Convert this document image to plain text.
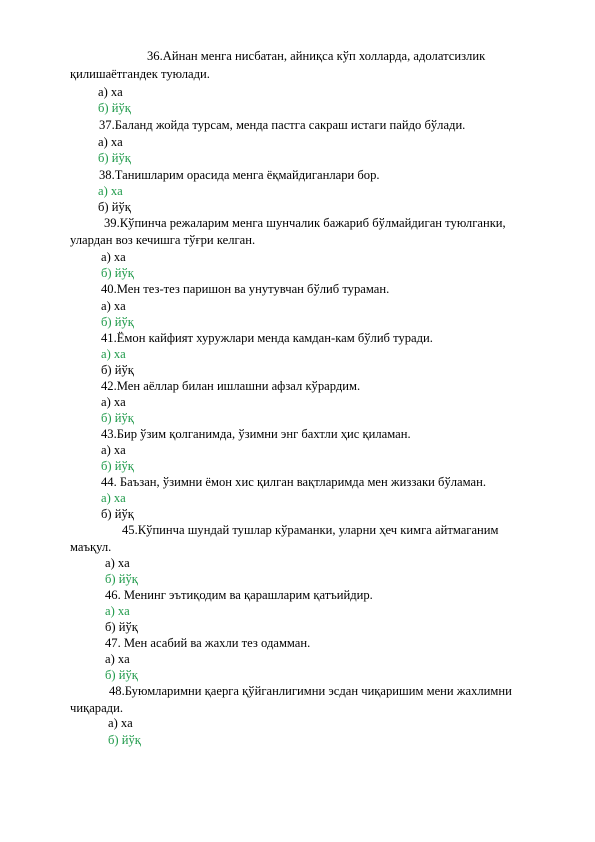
36.Айнан менга нисбатан, айниқса кўп холларда, адолатсизлик
қилишаётгандек туюлади.
а) ха
б) йўқ
37.Баланд жойда турсам, менда пастга сакраш истаги пайдо бўлади.
а) ха
б) йўқ
38.Танишларим орасида менга ёқмайдиганлари бор.
а) ха
б) йўқ
39.Кўпинча режаларим менга шунчалик бажариб бўлмайдиган туюлганки,
улардан воз кечишга тўғри келган.
а) ха
б) йўқ
40.Мен тез-тез паришон ва унутувчан бўлиб тураман.
а) ха
б) йўқ
41.Ёмон кайфият хуружлари менда камдан-кам бўлиб туради.
а) ха
б) йўқ
42.Мен аёллар билан ишлашни афзал кўрардим.
а) ха
б) йўқ
43.Бир ўзим қолганимда, ўзимни энг бахтли ҳис қиламан.
а) ха
б) йўқ
44. Баъзан, ўзимни ёмон хис қилган вақтларимда мен жиззаки бўламан.
а) ха
б) йўқ
45.Кўпинча шундай тушлар кўраманки, уларни ҳеч кимга айтмаганим
маъқул.
а) ха
б) йўқ
46. Менинг эътиқодим ва қарашларим қатъийдир.
а) ха
б) йўқ
47. Мен асабий ва жахли тез одамман.
а) ха
б) йўқ
48.Буюмларимни қаерга қўйганлигимни эсдан чиқаришим мени жахлимни
чиқаради.
а) ха
б) йўқ
